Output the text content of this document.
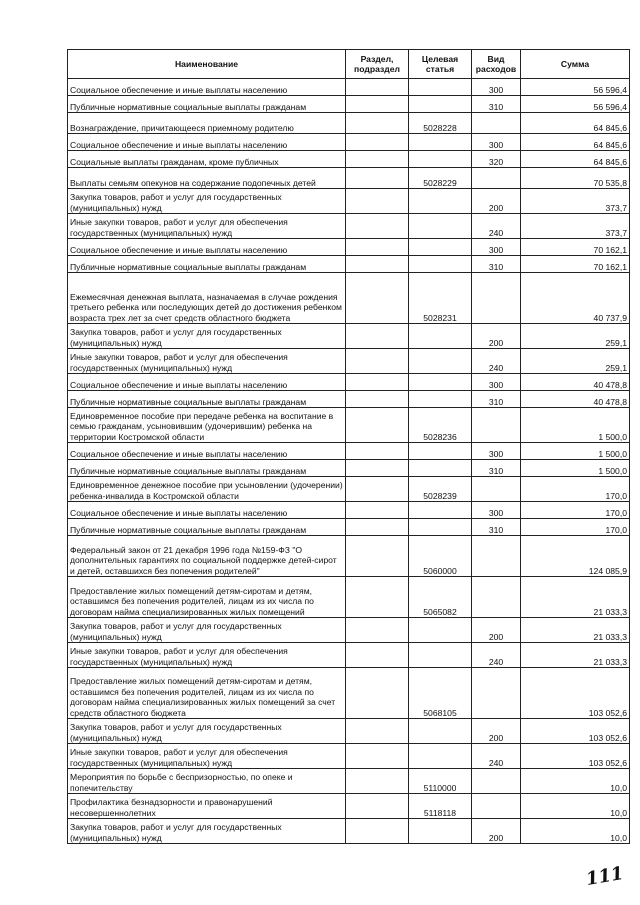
Наименование	Раздел, подраздел	Целевая статья	Вид расходов	Сумма
Социальное обеспечение и иные выплаты населению			300	56 596,4
Публичные нормативные социальные выплаты гражданам			310	56 596,4
Вознаграждение, причитающееся приемному родителю		5028228		64 845,6
Социальное обеспечение и иные выплаты населению			300	64 845,6
Социальные выплаты гражданам, кроме публичных			320	64 845,6
Выплаты семьям опекунов на содержание подопечных детей		5028229		70 535,8
Закупка товаров, работ и услуг для государственных (муниципальных) нужд			200	373,7
Иные закупки товаров, работ и услуг для обеспечения государственных (муниципальных) нужд			240	373,7
Социальное обеспечение и иные выплаты населению			300	70 162,1
Публичные нормативные социальные выплаты гражданам			310	70 162,1
Ежемесячная денежная выплата, назначаемая в случае рождения третьего ребенка или последующих детей до достижения ребенком возраста трех лет за счет средств областного бюджета		5028231		40 737,9
Закупка товаров, работ и услуг для государственных (муниципальных) нужд			200	259,1
Иные закупки товаров, работ и услуг для обеспечения государственных (муниципальных) нужд			240	259,1
Социальное обеспечение и иные выплаты населению			300	40 478,8
Публичные нормативные социальные выплаты гражданам			310	40 478,8
Единовременное пособие при передаче ребенка на воспитание в семью гражданам, усыновившим (удочерившим) ребенка на территории Костромской области		5028236		1 500,0
Социальное обеспечение и иные выплаты населению			300	1 500,0
Публичные нормативные социальные выплаты гражданам			310	1 500,0
Единовременное денежное пособие при усыновлении (удочерении) ребенка-инвалида в Костромской области		5028239		170,0
Социальное обеспечение и иные выплаты населению			300	170,0
Публичные нормативные социальные выплаты гражданам			310	170,0
Федеральный закон от 21 декабря 1996 года №159-ФЗ "О дополнительных гарантиях по социальной поддержке детей-сирот и детей, оставшихся без попечения родителей"		5060000		124 085,9
Предоставление жилых помещений детям-сиротам и детям, оставшимся без попечения родителей, лицам из их числа по договорам найма специализированных жилых помещений		5065082		21 033,3
Закупка товаров, работ и услуг для государственных (муниципальных) нужд			200	21 033,3
Иные закупки товаров, работ и услуг для обеспечения государственных (муниципальных) нужд			240	21 033,3
Предоставление жилых помещений детям-сиротам и детям, оставшимся без попечения родителей, лицам из их числа по договорам найма специализированных жилых помещений за счет средств областного бюджета		5068105		103 052,6
Закупка товаров, работ и услуг для государственных (муниципальных) нужд			200	103 052,6
Иные закупки товаров, работ и услуг для обеспечения государственных (муниципальных) нужд			240	103 052,6
Мероприятия по борьбе с беспризорностью, по опеке и попечительству		5110000		10,0
Профилактика безнадзорности и правонарушений несовершеннолетних		5118118		10,0
Закупка товаров, работ и услуг для государственных (муниципальных) нужд			200	10,0
111
